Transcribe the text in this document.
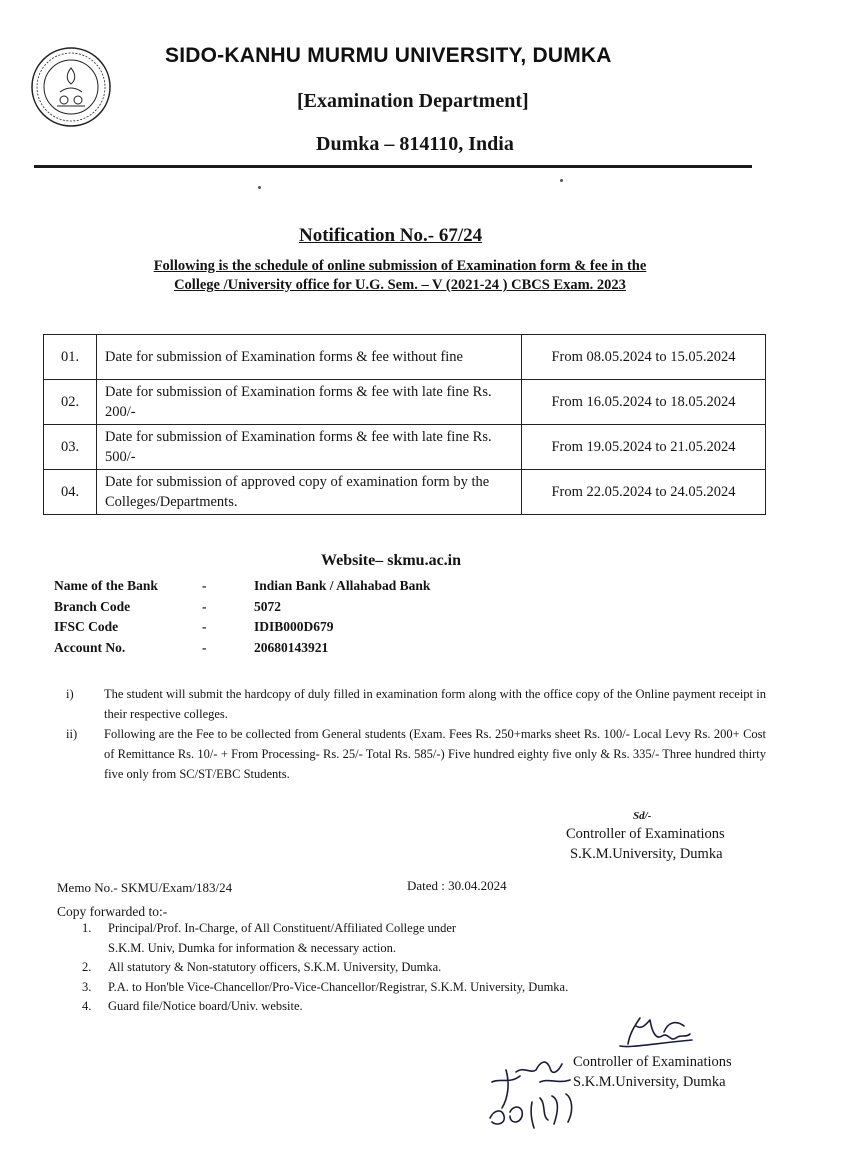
SIDO-KANHU MURMU UNIVERSITY, DUMKA
[Examination Department]
Dumka – 814110, India
Notification No.- 67/24
Following is the schedule of online submission of Examination form & fee in the
College /University office for U.G. Sem. – V (2021-24 ) CBCS Exam. 2023
01.	Date for submission of Examination forms & fee without fine	From 08.05.2024 to 15.05.2024
02.	Date for submission of Examination forms & fee with late fine Rs. 200/-	From 16.05.2024 to 18.05.2024
03.	Date for submission of Examination forms & fee with late fine Rs. 500/-	From 19.05.2024 to 21.05.2024
04.	Date for submission of approved copy of examination form by the Colleges/Departments.	From 22.05.2024 to 24.05.2024
Website– skmu.ac.in
Name of the Bank	-	Indian Bank / Allahabad Bank
Branch Code	-	5072
IFSC Code	-	IDIB000D679
Account No.	-	20680143921
i) The student will submit the hardcopy of duly filled in examination form along with the office copy of the Online payment receipt in their respective colleges.
ii) Following are the Fee to be collected from General students (Exam. Fees Rs. 250+marks sheet Rs. 100/- Local Levy Rs. 200+ Cost of Remittance Rs. 10/- + From Processing- Rs. 25/- Total Rs. 585/-) Five hundred eighty five only & Rs. 335/- Three hundred thirty five only from SC/ST/EBC Students.
Sd/-
Controller of Examinations
S.K.M.University, Dumka
Memo No.- SKMU/Exam/183/24	Dated : 30.04.2024
Copy forwarded to:-
1. Principal/Prof. In-Charge, of All Constituent/Affiliated College under
S.K.M. Univ, Dumka for information & necessary action.
2. All statutory & Non-statutory officers, S.K.M. University, Dumka.
3. P.A. to Hon'ble Vice-Chancellor/Pro-Vice-Chancellor/Registrar, S.K.M. University, Dumka.
4. Guard file/Notice board/Univ. website.
Controller of Examinations
S.K.M.University, Dumka
